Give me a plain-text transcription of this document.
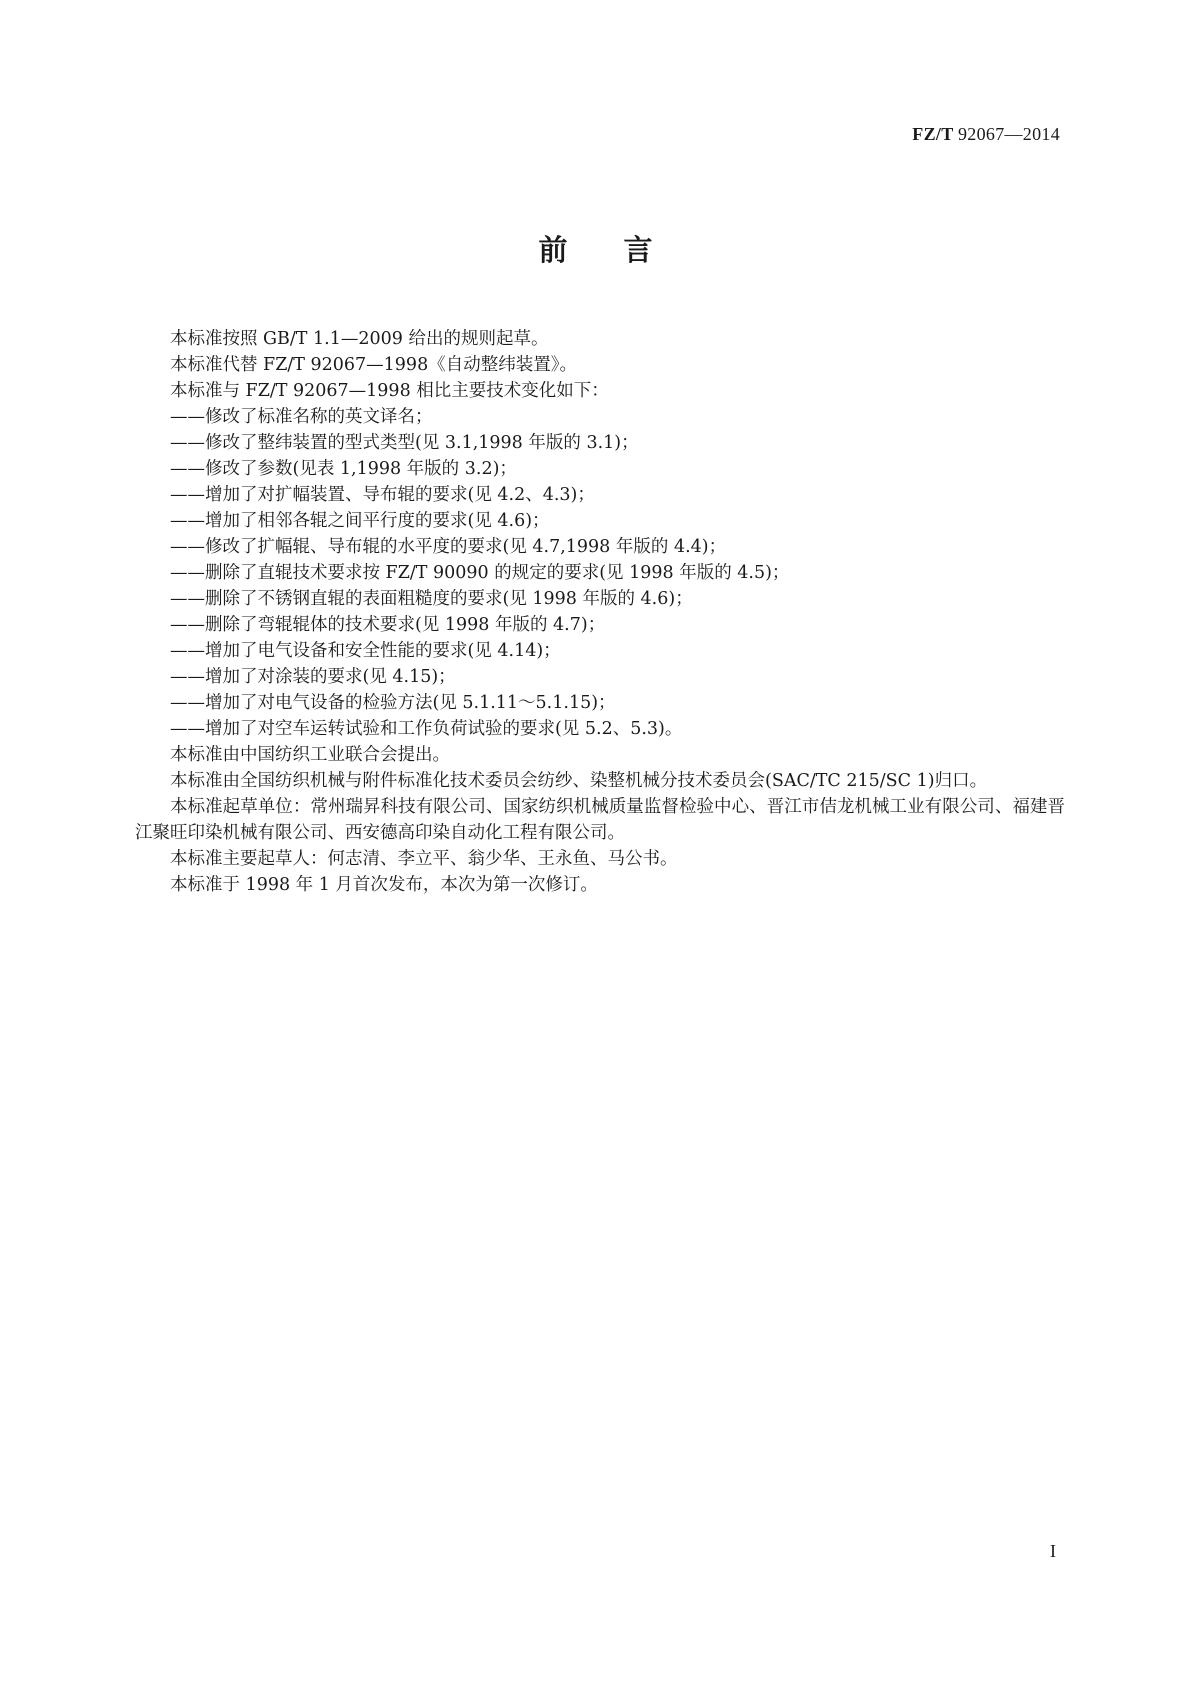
FZ/T 92067—2014
前言

本标准按照 GB/T 1.1—2009 给出的规则起草。

本标准代替 FZ/T 92067—1998《自动整纬装置》。

本标准与 FZ/T 92067—1998 相比主要技术变化如下：

——修改了标准名称的英文译名；

——修改了整纬装置的型式类型(见 3.1,1998 年版的 3.1)；

——修改了参数(见表 1,1998 年版的 3.2)；

——增加了对扩幅装置、导布辊的要求(见 4.2、4.3)；

——增加了相邻各辊之间平行度的要求(见 4.6)；

——修改了扩幅辊、导布辊的水平度的要求(见 4.7,1998 年版的 4.4)；

——删除了直辊技术要求按 FZ/T 90090 的规定的要求(见 1998 年版的 4.5)；

——删除了不锈钢直辊的表面粗糙度的要求(见 1998 年版的 4.6)；

——删除了弯辊辊体的技术要求(见 1998 年版的 4.7)；

——增加了电气设备和安全性能的要求(见 4.14)；

——增加了对涂装的要求(见 4.15)；

——增加了对电气设备的检验方法(见 5.1.11～5.1.15)；

——增加了对空车运转试验和工作负荷试验的要求(见 5.2、5.3)。

本标准由中国纺织工业联合会提出。

本标准由全国纺织机械与附件标准化技术委员会纺纱、染整机械分技术委员会(SAC/TC 215/SC 1)归口。

本标准起草单位：常州瑞昇科技有限公司、国家纺织机械质量监督检验中心、晋江市佶龙机械工业有限公司、福建晋江聚旺印染机械有限公司、西安德高印染自动化工程有限公司。

本标准主要起草人：何志清、李立平、翁少华、王永鱼、马公书。

本标准于 1998 年 1 月首次发布，本次为第一次修订。

I
